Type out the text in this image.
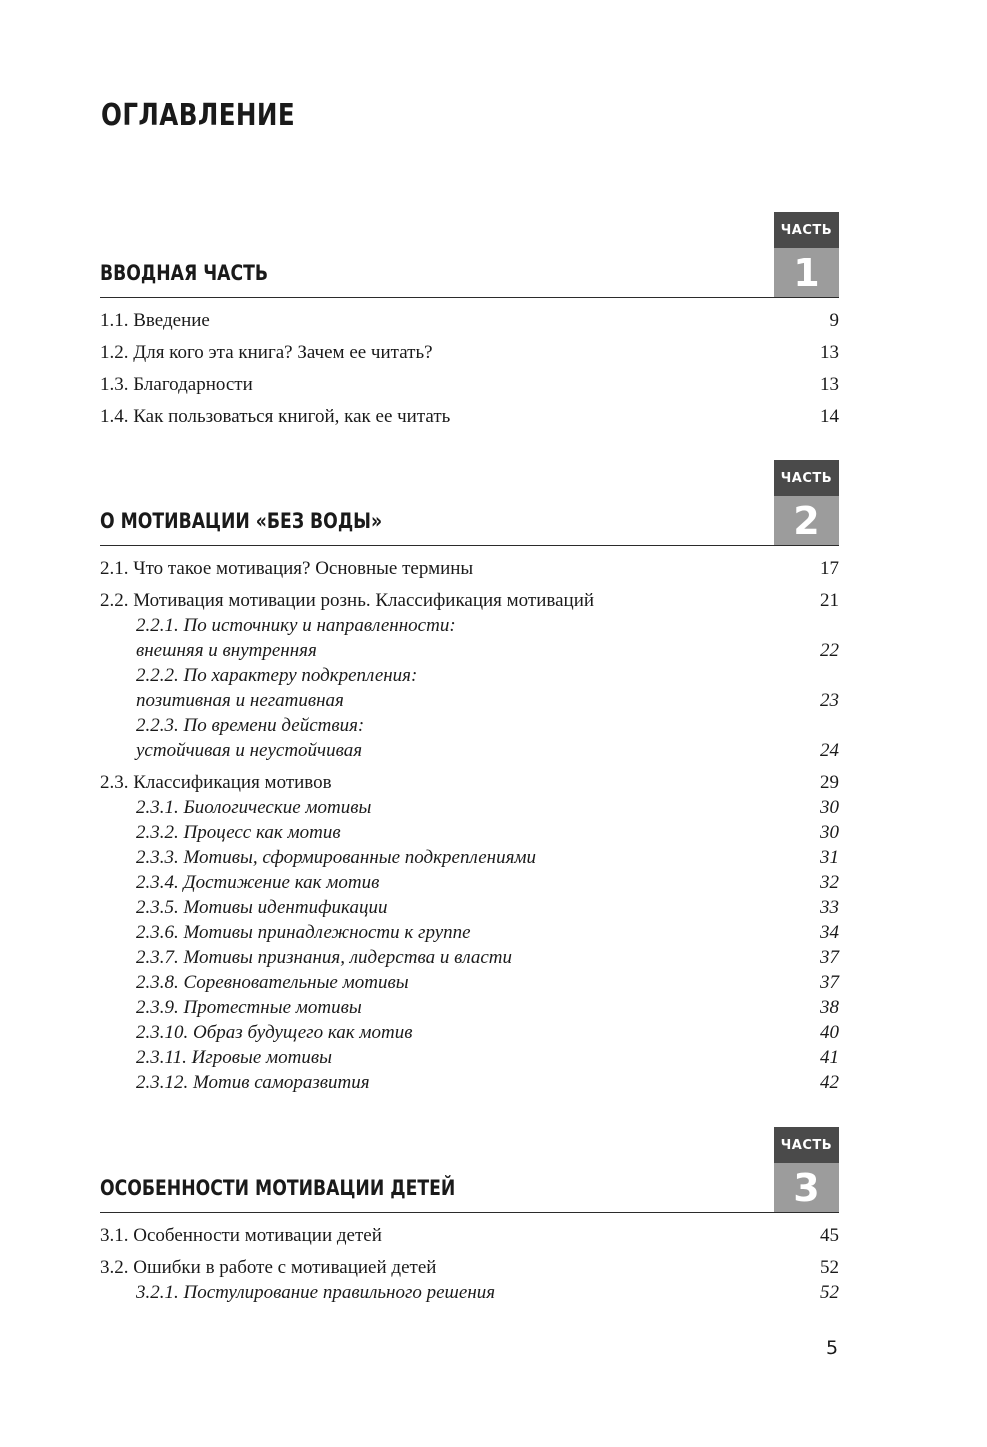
ОГЛАВЛЕНИЕ
ВВОДНАЯ ЧАСТЬ
ЧАСТЬ
1
1.1. Введение	9
1.2. Для кого эта книга? Зачем ее читать?	13
1.3. Благодарности	13
1.4. Как пользоваться книгой, как ее читать	14
О МОТИВАЦИИ «БЕЗ ВОДЫ»
ЧАСТЬ
2
2.1. Что такое мотивация? Основные термины	17
2.2. Мотивация мотивации рознь. Классификация мотиваций	21
2.2.1. По источнику и направленности:
внешняя и внутренняя	22
2.2.2. По характеру подкрепления:
позитивная и негативная	23
2.2.3. По времени действия:
устойчивая и неустойчивая	24
2.3. Классификация мотивов	29
2.3.1. Биологические мотивы	30
2.3.2. Процесс как мотив	30
2.3.3. Мотивы, сформированные подкреплениями	31
2.3.4. Достижение как мотив	32
2.3.5. Мотивы идентификации	33
2.3.6. Мотивы принадлежности к группе	34
2.3.7. Мотивы признания, лидерства и власти	37
2.3.8. Соревновательные мотивы	37
2.3.9. Протестные мотивы	38
2.3.10. Образ будущего как мотив	40
2.3.11. Игровые мотивы	41
2.3.12. Мотив саморазвития	42
ОСОБЕННОСТИ МОТИВАЦИИ ДЕТЕЙ
ЧАСТЬ
3
3.1. Особенности мотивации детей	45
3.2. Ошибки в работе с мотивацией детей	52
3.2.1. Постулирование правильного решения	52
5
